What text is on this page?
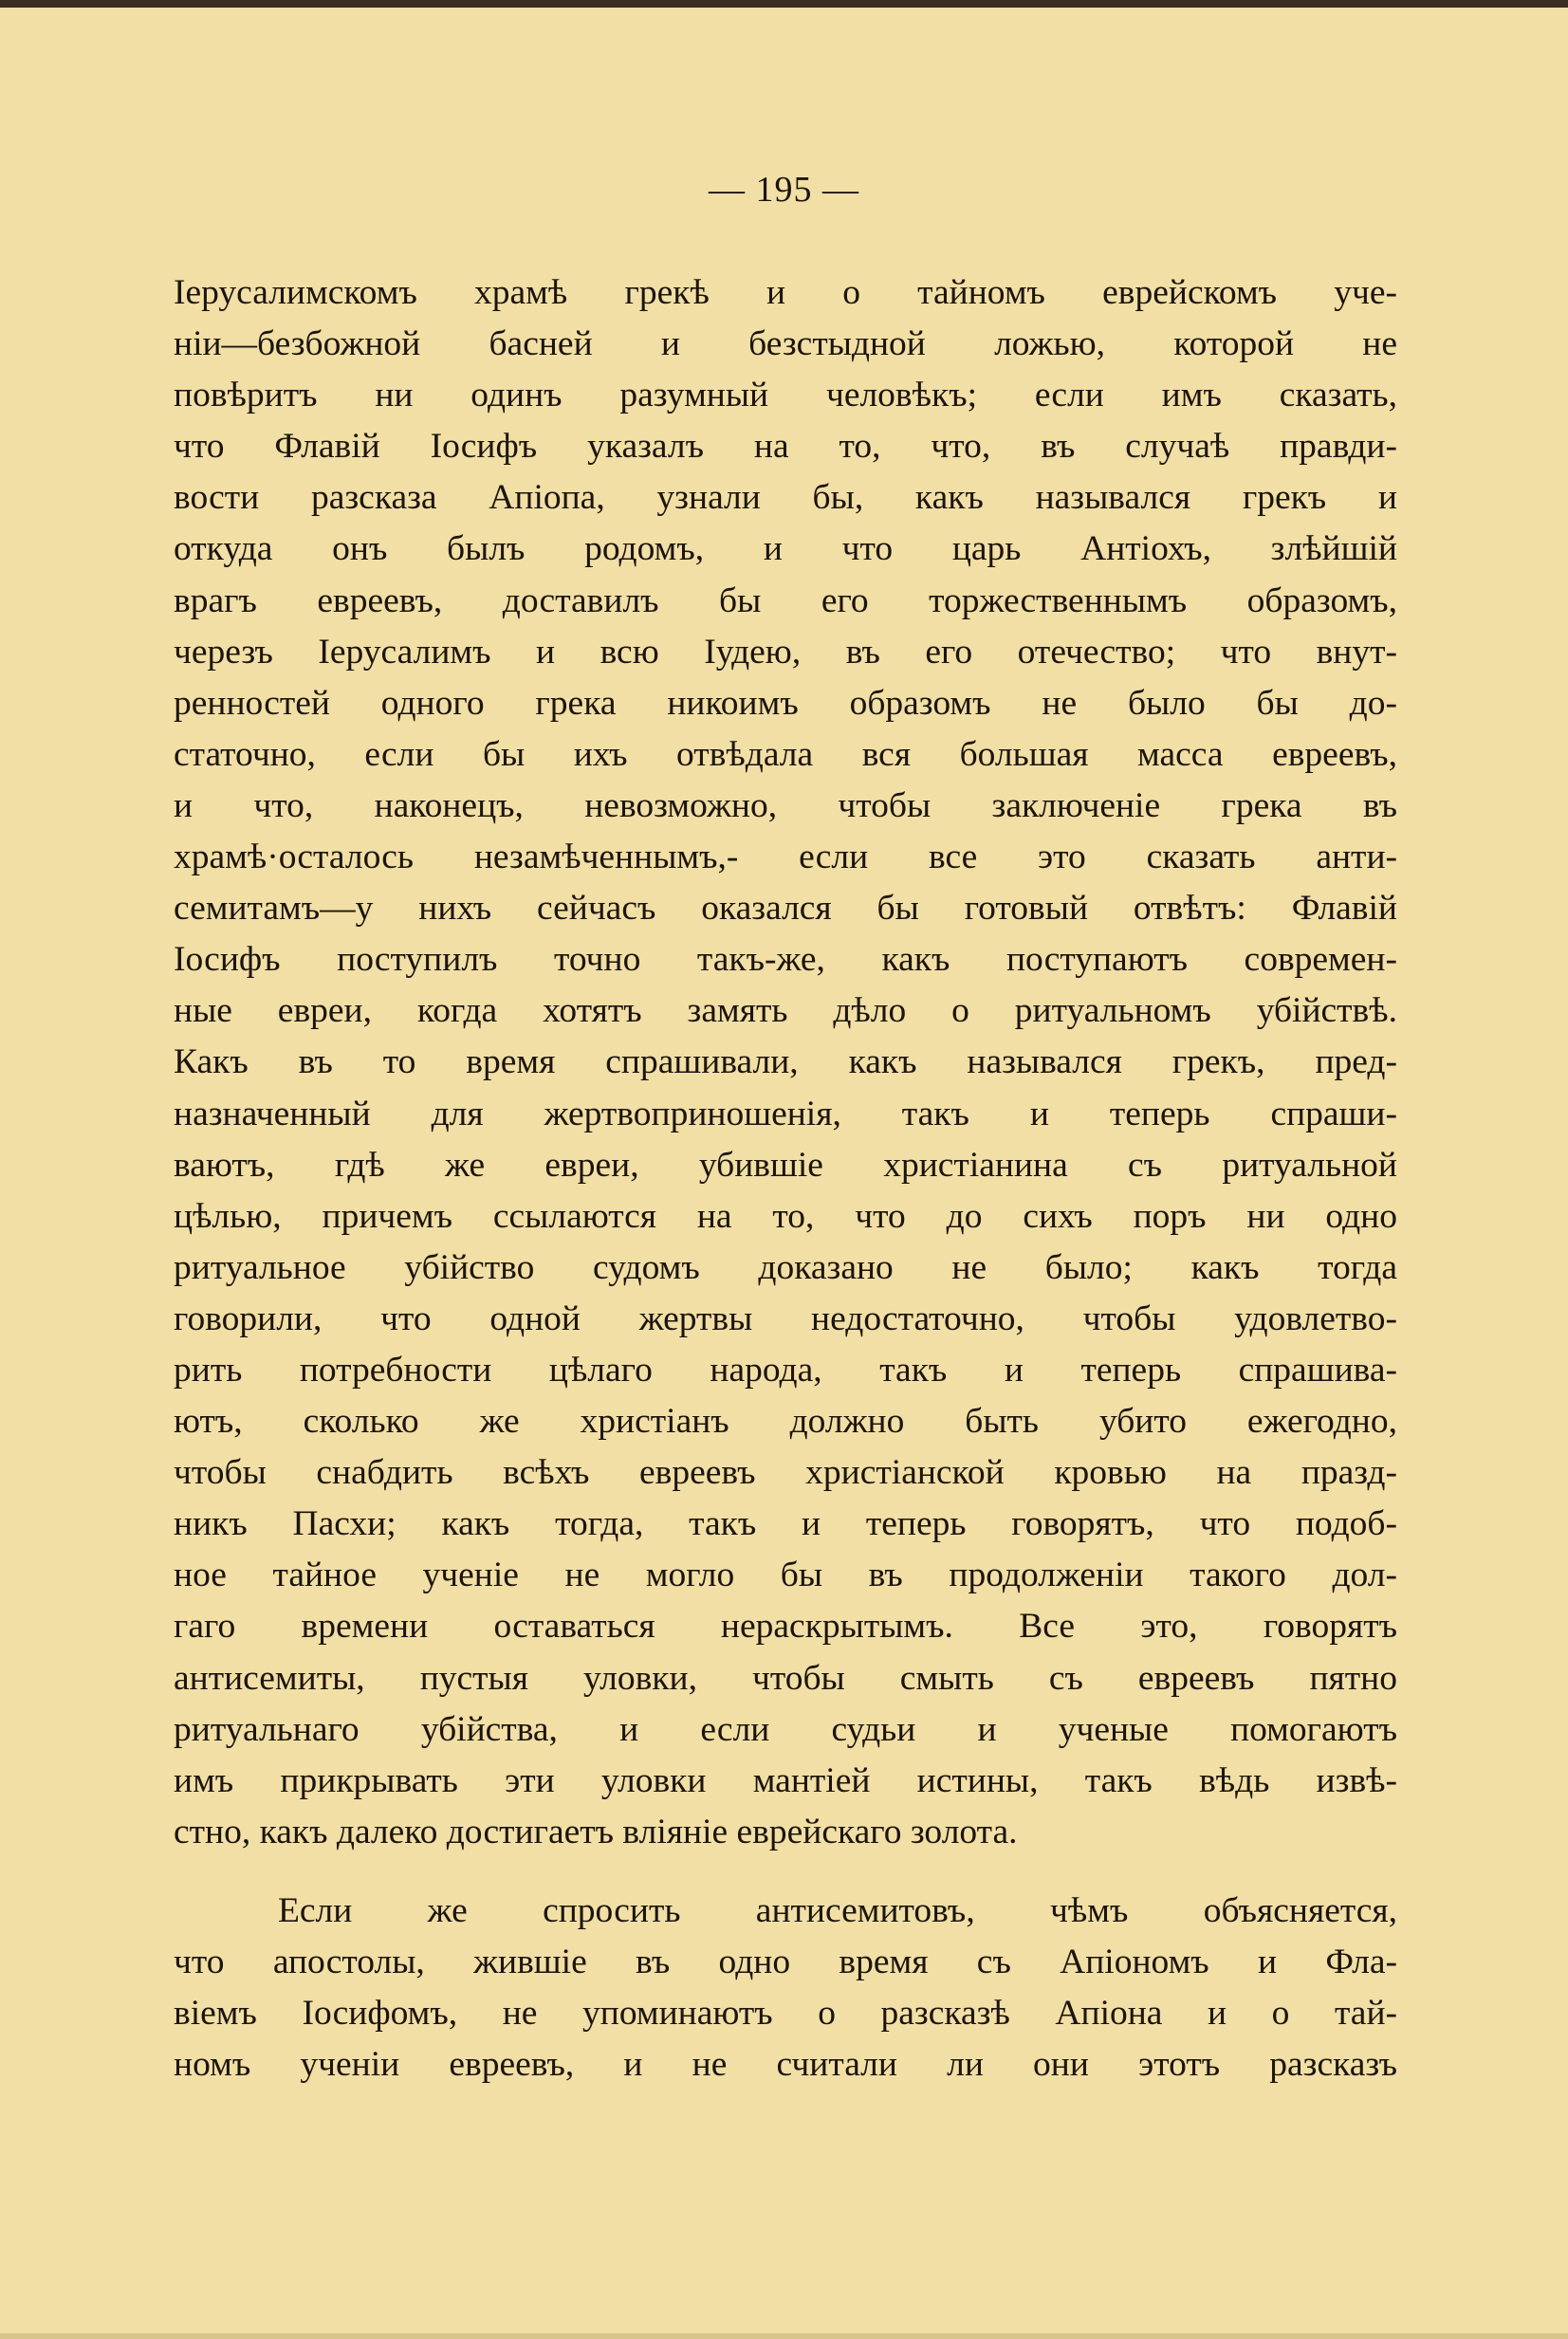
— 195 —
Іерусалимскомъ храмѣ грекѣ и о тайномъ еврейскомъ уче-
ніи—безбожной басней и безстыдной ложью, которой не
повѣритъ ни одинъ разумный человѣкъ; если имъ сказать,
что Флавій Іосифъ указалъ на то, что, въ случаѣ правди-
вости разсказа Апіопа, узнали бы, какъ назывался грекъ и
откуда онъ былъ родомъ, и что царь Антіохъ, злѣйшій
врагъ евреевъ, доставилъ бы его торжественнымъ образомъ,
черезъ Іерусалимъ и всю Іудею, въ его отечество; что внут-
ренностей одного грека никоимъ образомъ не было бы до-
статочно, если бы ихъ отвѣдала вся большая масса евреевъ,
и что, наконецъ, невозможно, чтобы заключеніе грека въ
храмѣ·осталось незамѣченнымъ,- если все это сказать анти-
семитамъ—у нихъ сейчасъ оказался бы готовый отвѣтъ: Флавій
Іосифъ поступилъ точно такъ-же, какъ поступаютъ современ-
ные евреи, когда хотятъ замять дѣло о ритуальномъ убійствѣ.
Какъ въ то время спрашивали, какъ назывался грекъ, пред-
назначенный для жертвоприношенія, такъ и теперь спраши-
ваютъ, гдѣ же евреи, убившіе христіанина съ ритуальной
цѣлью, причемъ ссылаются на то, что до сихъ поръ ни одно
ритуальное убійство судомъ доказано не было; какъ тогда
говорили, что одной жертвы недостаточно, чтобы удовлетво-
рить потребности цѣлаго народа, такъ и теперь спрашива-
ютъ, сколько же христіанъ должно быть убито ежегодно,
чтобы снабдить всѣхъ евреевъ христіанской кровью на празд-
никъ Пасхи; какъ тогда, такъ и теперь говорятъ, что подоб-
ное тайное ученіе не могло бы въ продолженіи такого дол-
гаго времени оставаться нераскрытымъ. Все это, говорятъ
антисемиты, пустыя уловки, чтобы смыть съ евреевъ пятно
ритуальнаго убійства, и если судьи и ученые помогаютъ
имъ прикрывать эти уловки мантіей истины, такъ вѣдь извѣ-
стно, какъ далеко достигаетъ вліяніе еврейскаго золота.
Если же спросить антисемитовъ, чѣмъ объясняется,
что апостолы, жившіе въ одно время съ Апіономъ и Фла-
віемъ Іосифомъ, не упоминаютъ о разсказѣ Апіона и о тай-
номъ ученіи евреевъ, и не считали ли они этотъ разсказъ
